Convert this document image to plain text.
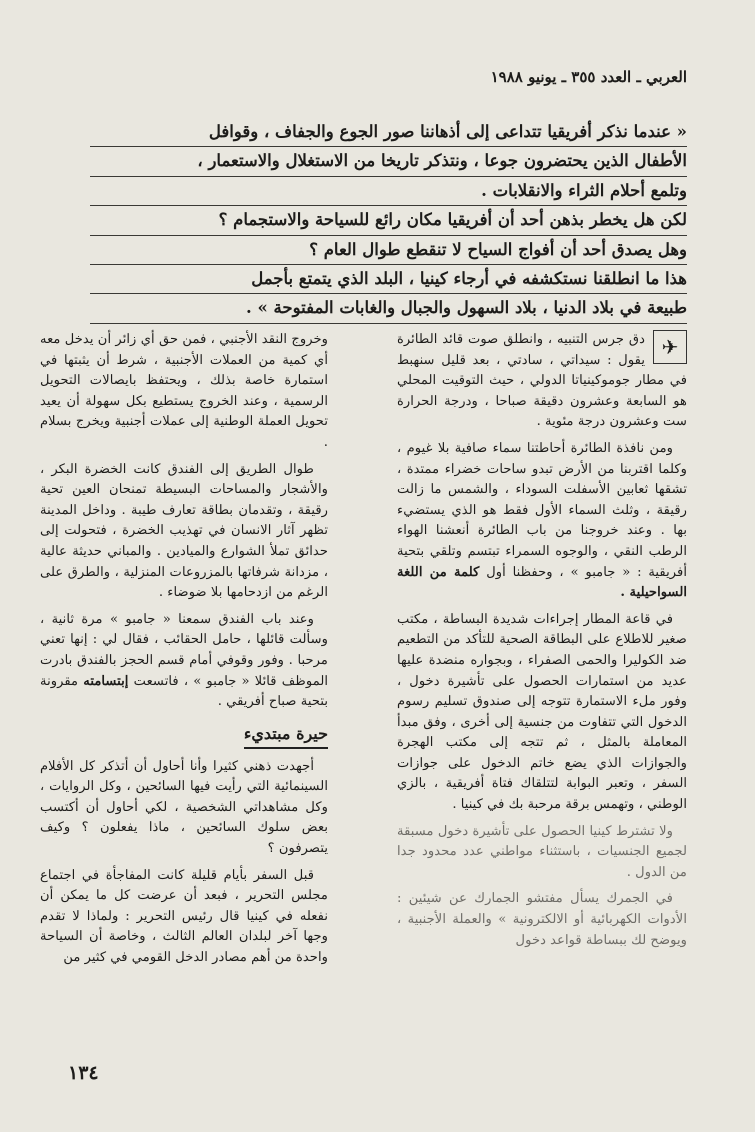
العربي ـ العدد ٣٥٥ ـ يونيو ١٩٨٨

« عندما نذكر أفريقيا تتداعى إلى أذهاننا صور الجوع والجفاف ، وقوافل
الأطفال الذين يحتضرون جوعا ، ونتذكر تاريخا من الاستغلال والاستعمار ،
وتلمع أحلام الثراء والانقلابات .
لكن هل يخطر بذهن أحد أن أفريقيا مكان رائع للسياحة والاستجمام ؟
وهل يصدق أحد أن أفواج السياح لا تنقطع طوال العام ؟
هذا ما انطلقنا نستكشفه في أرجاء كينيا ، البلد الذي يتمتع بأجمل
طبيعة في بلاد الدنيا ، بلاد السهول والجبال والغابات المفتوحة » .

✈

دق جرس التنبيه ، وانطلق صوت قائد الطائرة يقول : سيداتي ، سادتي ، بعد قليل سنهبط في مطار جوموكينياتا الدولي ، حيث التوقيت المحلي هو السابعة وعشرون دقيقة صباحا ، ودرجة الحرارة ست وعشرون درجة مئوية .

ومن نافذة الطائرة أحاطتنا سماء صافية بلا غيوم ، وكلما اقتربنا من الأرض تبدو ساحات خضراء ممتدة ، تشقها ثعابين الأسفلت السوداء ، والشمس ما زالت رقيقة ، وثلث السماء الأول فقط هو الذي يستضيء بها . وعند خروجنا من باب الطائرة أنعشنا الهواء الرطب النقي ، والوجوه السمراء تبتسم وتلقي بتحية أفريقية : « جامبو » ، وحفظنا أول كلمة من اللغة السواحيلية .

في قاعة المطار إجراءات شديدة البساطة ، مكتب صغير للاطلاع على البطاقة الصحية للتأكد من التطعيم ضد الكوليرا والحمى الصفراء ، وبجواره منضدة عليها عديد من استمارات الحصول على تأشيرة دخول ، وفور ملء الاستمارة تتوجه إلى صندوق تسليم رسوم الدخول التي تتفاوت من جنسية إلى أخرى ، وفق مبدأ المعاملة بالمثل ، ثم تتجه إلى مكتب الهجرة والجوازات الذي يضع خاتم الدخول على جوازات السفر ، وتعبر البوابة لتتلقاك فتاة أفريقية ، بالزي الوطني ، وتهمس برقة مرحبة بك في كينيا .

ولا تشترط كينيا الحصول على تأشيرة دخول مسبقة لجميع الجنسيات ، باستثناء مواطني عدد محدود جدا من الدول .

في الجمرك يسأل مفتشو الجمارك عن شيئين : الأدوات الكهربائية أو الالكترونية » والعملة الأجنبية ، ويوضح لك ببساطة قواعد دخول

وخروج النقد الأجنبي ، فمن حق أي زائر أن يدخل معه أي كمية من العملات الأجنبية ، شرط أن يثبتها في استمارة خاصة بذلك ، ويحتفظ بايصالات التحويل الرسمية ، وعند الخروج يستطيع بكل سهولة أن يعيد تحويل العملة الوطنية إلى عملات أجنبية ويخرج بسلام .

طوال الطريق إلى الفندق كانت الخضرة البكر ، والأشجار والمساحات البسيطة تمنحان العين تحية رقيقة ، وتقدمان بطاقة تعارف طيبة . وداخل المدينة تظهر آثار الانسان في تهذيب الخضرة ، فتحولت إلى حدائق تملأ الشوارع والميادين . والمباني حديثة عالية ، مزدانة شرفاتها بالمزروعات المنزلية ، والطرق على الرغم من ازدحامها بلا ضوضاء .

وعند باب الفندق سمعنا « جامبو » مرة ثانية ، وسألت قائلها ، حامل الحقائب ، فقال لي : إنها تعني مرحبا . وفور وقوفي أمام قسم الحجز بالفندق بادرت الموظف قائلا « جامبو » ، فاتسعت إبتسامته مقرونة بتحية صباح أفريقي .

حيرة مبتديء

أجهدت ذهني كثيرا وأنا أحاول أن أتذكر كل الأفلام السينمائية التي رأيت فيها السائحين ، وكل الروايات ، وكل مشاهداتي الشخصية ، لكي أحاول أن أكتسب بعض سلوك السائحين ، ماذا يفعلون ؟ وكيف يتصرفون ؟

قبل السفر بأيام قليلة كانت المفاجأة في اجتماع مجلس التحرير ، فبعد أن عرضت كل ما يمكن أن نفعله في كينيا قال رئيس التحرير : ولماذا لا تقدم وجها آخر لبلدان العالم الثالث ، وخاصة أن السياحة واحدة من أهم مصادر الدخل القومي في كثير من

١٣٤
